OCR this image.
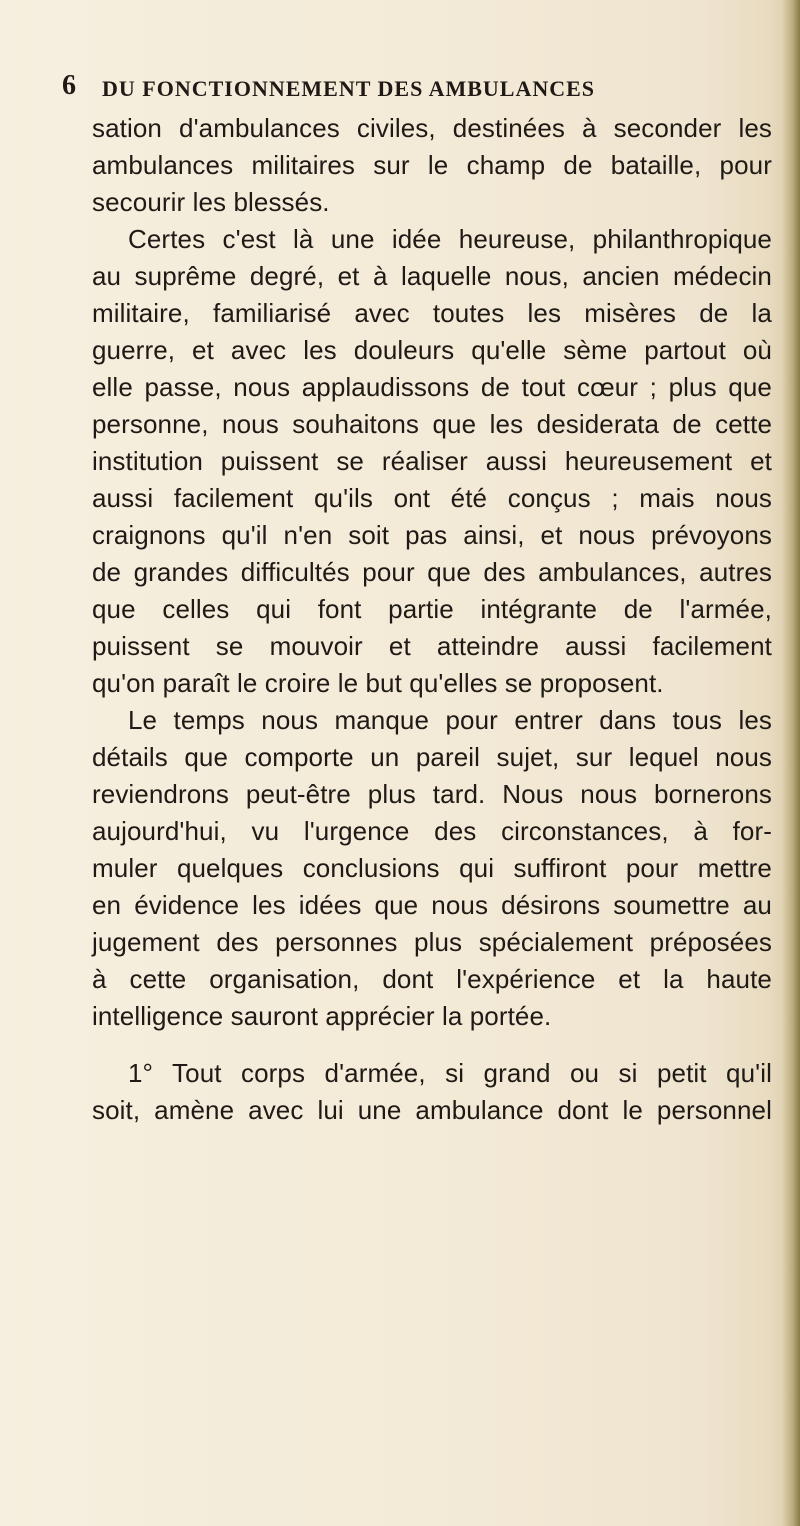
6 DU FONCTIONNEMENT DES AMBULANCES
sation d'ambulances civiles, destinées à seconder les
ambulances militaires sur le champ de bataille, pour
secourir les blessés.
Certes c'est là une idée heureuse, philanthropique
au suprême degré, et à laquelle nous, ancien médecin
militaire, familiarisé avec toutes les misères de la
guerre, et avec les douleurs qu'elle sème partout où
elle passe, nous applaudissons de tout cœur ; plus que
personne, nous souhaitons que les desiderata de cette
institution puissent se réaliser aussi heureusement et
aussi facilement qu'ils ont été conçus ; mais nous
craignons qu'il n'en soit pas ainsi, et nous prévoyons
de grandes difficultés pour que des ambulances, autres
que celles qui font partie intégrante de l'armée,
puissent se mouvoir et atteindre aussi facilement
qu'on paraît le croire le but qu'elles se proposent.
Le temps nous manque pour entrer dans tous les
détails que comporte un pareil sujet, sur lequel nous
reviendrons peut-être plus tard. Nous nous bornerons
aujourd'hui, vu l'urgence des circonstances, à for-
muler quelques conclusions qui suffiront pour mettre
en évidence les idées que nous désirons soumettre au
jugement des personnes plus spécialement préposées
à cette organisation, dont l'expérience et la haute
intelligence sauront apprécier la portée.
1° Tout corps d'armée, si grand ou si petit qu'il
soit, amène avec lui une ambulance dont le personnel
